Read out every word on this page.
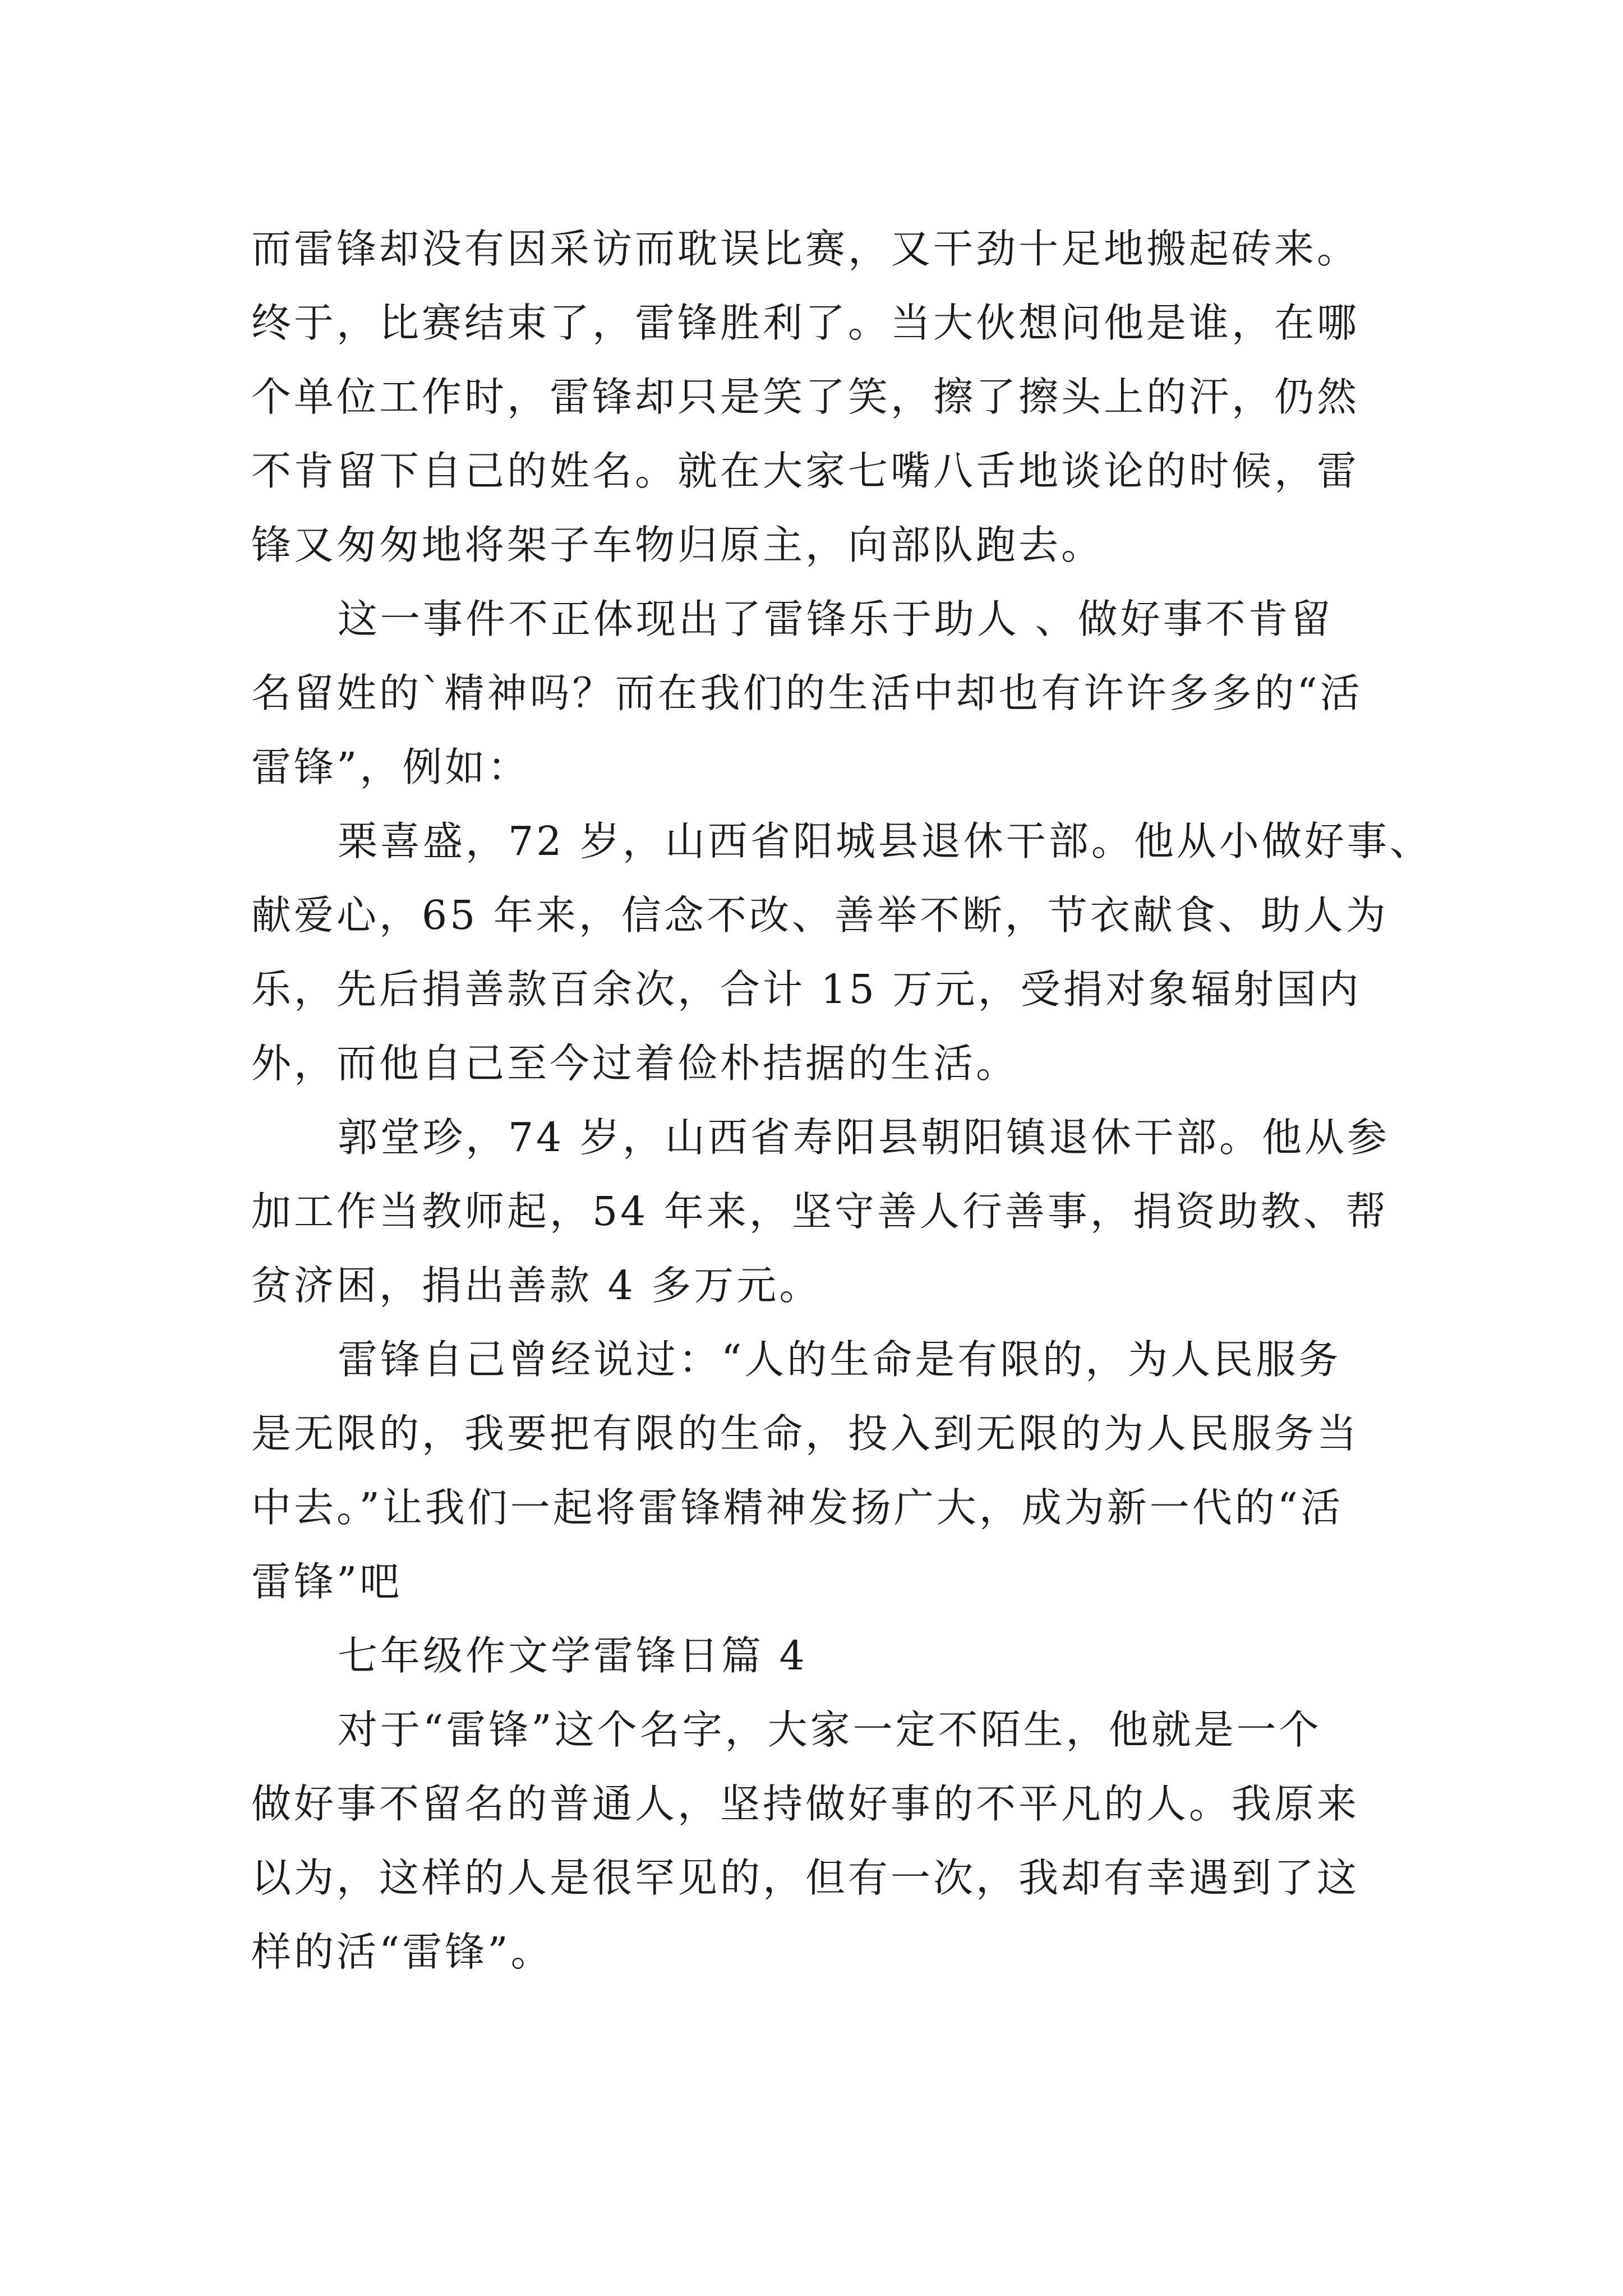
而雷锋却没有因采访而耽误比赛，又干劲十足地搬起砖来。
终于，比赛结束了，雷锋胜利了。当大伙想问他是谁，在哪
个单位工作时，雷锋却只是笑了笑，擦了擦头上的汗，仍然
不肯留下自己的姓名。就在大家七嘴八舌地谈论的时候，雷
锋又匆匆地将架子车物归原主，向部队跑去。
这一事件不正体现出了雷锋乐于助人 、做好事不肯留
名留姓的`精神吗？而在我们的生活中却也有许许多多的“活
雷锋”，例如：
栗喜盛，72 岁，山西省阳城县退休干部。他从小做好事、
献爱心，65 年来，信念不改、善举不断，节衣献食、助人为
乐，先后捐善款百余次，合计 15 万元，受捐对象辐射国内
外，而他自己至今过着俭朴拮据的生活。
郭堂珍，74 岁，山西省寿阳县朝阳镇退休干部。他从参
加工作当教师起，54 年来，坚守善人行善事，捐资助教、帮
贫济困，捐出善款 4 多万元。
雷锋自己曾经说过：“人的生命是有限的，为人民服务
是无限的，我要把有限的生命，投入到无限的为人民服务当
中去。”让我们一起将雷锋精神发扬广大，成为新一代的“活
雷锋”吧
七年级作文学雷锋日篇 4
对于“雷锋”这个名字，大家一定不陌生，他就是一个
做好事不留名的普通人，坚持做好事的不平凡的人。我原来
以为，这样的人是很罕见的，但有一次，我却有幸遇到了这
样的活“雷锋”。
